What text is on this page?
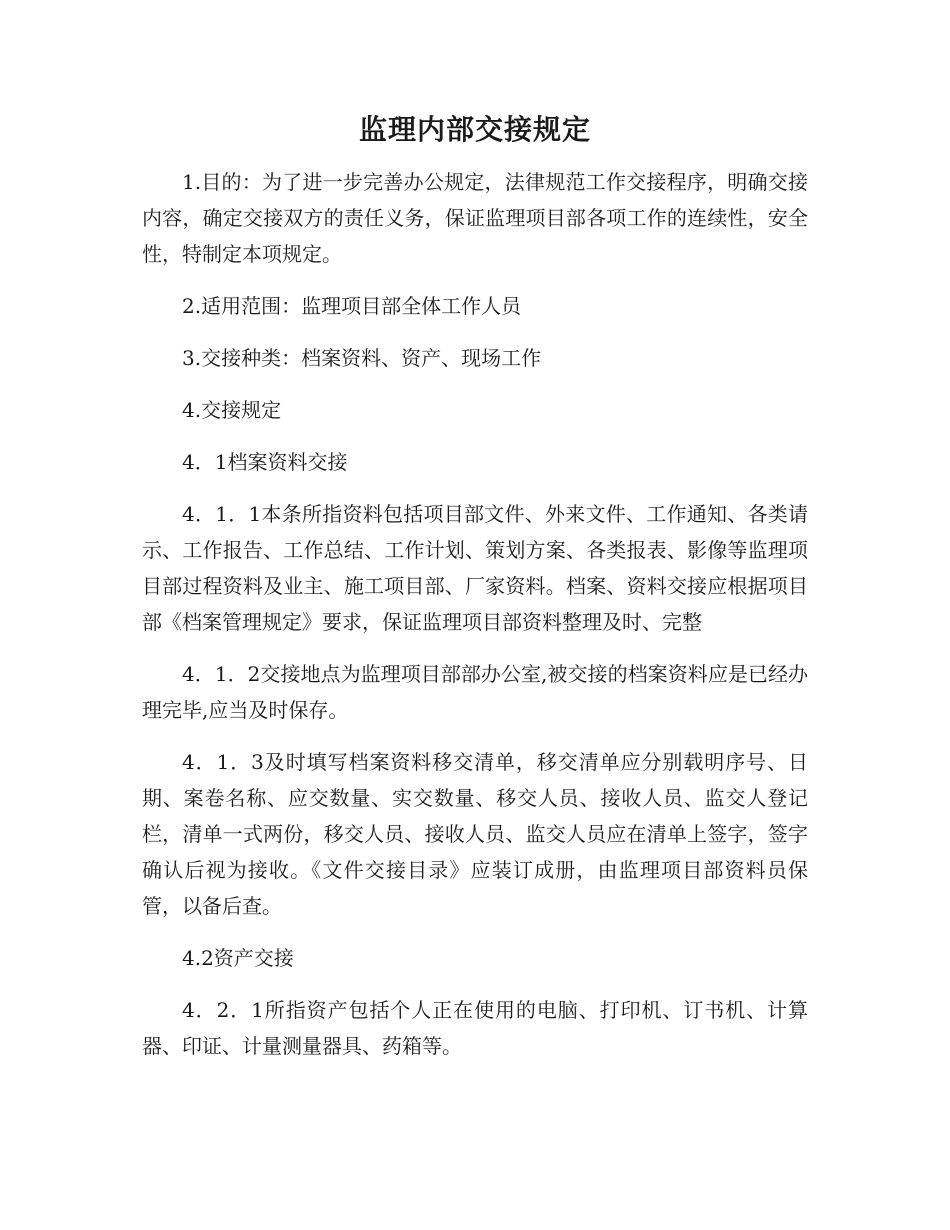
监理内部交接规定

1.目的：为了进一步完善办公规定，法律规范工作交接程序，明确交接内容，确定交接双方的责任义务，保证监理项目部各项工作的连续性，安全性，特制定本项规定。

2.适用范围：监理项目部全体工作人员

3.交接种类：档案资料、资产、现场工作

4.交接规定

4．1档案资料交接

4．1．1本条所指资料包括项目部文件、外来文件、工作通知、各类请示、工作报告、工作总结、工作计划、策划方案、各类报表、影像等监理项目部过程资料及业主、施工项目部、厂家资料。档案、资料交接应根据项目部《档案管理规定》要求，保证监理项目部资料整理及时、完整

4．1．2交接地点为监理项目部部办公室,被交接的档案资料应是已经办理完毕,应当及时保存。

4．1．3及时填写档案资料移交清单，移交清单应分别载明序号、日期、案卷名称、应交数量、实交数量、移交人员、接收人员、监交人登记栏，清单一式两份，移交人员、接收人员、监交人员应在清单上签字，签字确认后视为接收。《文件交接目录》应装订成册，由监理项目部资料员保管，以备后查。

4.2资产交接

4．2．1所指资产包括个人正在使用的电脑、打印机、订书机、计算器、印证、计量测量器具、药箱等。
